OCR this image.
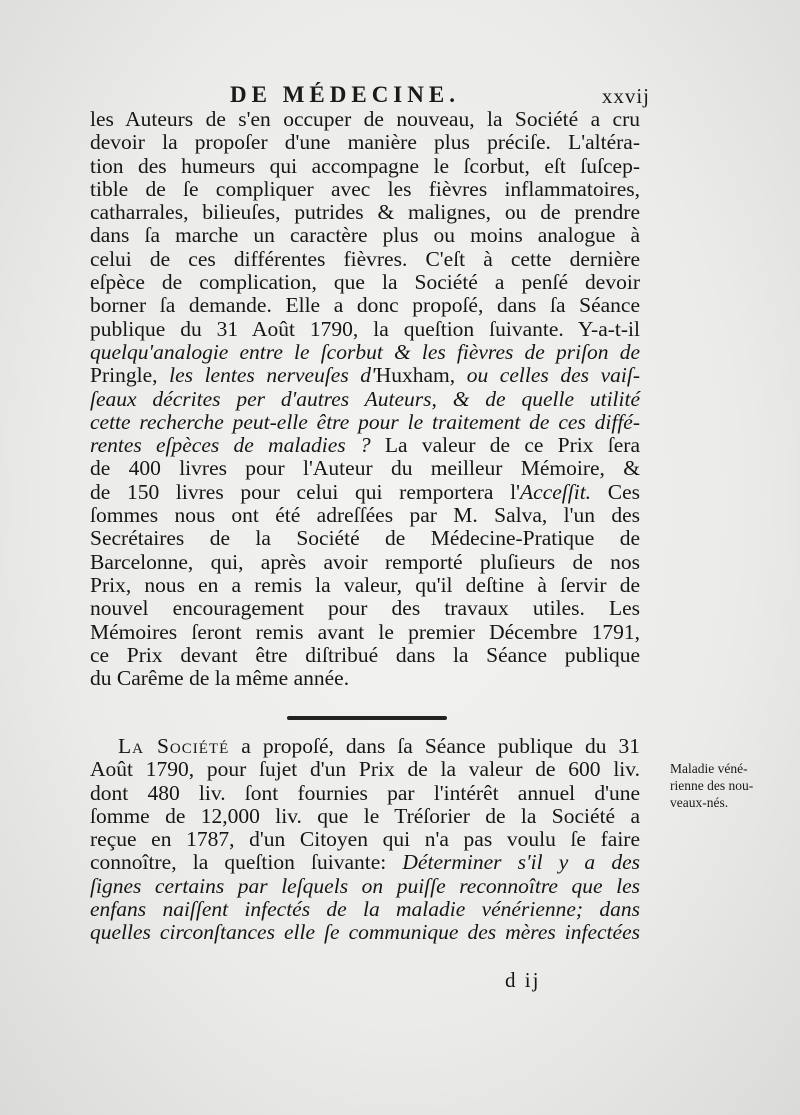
DE MÉDECINE.	xxvij
les Auteurs de s'en occuper de nouveau, la Société a cru
devoir la propoſer d'une manière plus préciſe. L'altéra-
tion des humeurs qui accompagne le ſcorbut, eſt ſuſcep-
tible de ſe compliquer avec les fièvres inflammatoires,
catharrales, bilieuſes, putrides & malignes, ou de prendre
dans ſa marche un caractère plus ou moins analogue à
celui de ces différentes fièvres. C'eſt à cette dernière
eſpèce de complication, que la Société a penſé devoir
borner ſa demande. Elle a donc propoſé, dans ſa Séance
publique du 31 Août 1790, la queſtion ſuivante. Y-a-t-il
quelqu'analogie entre le ſcorbut & les fièvres de priſon de
Pringle, les lentes nerveuſes d'Huxham, ou celles des vaiſ-
ſeaux décrites per d'autres Auteurs, & de quelle utilité
cette recherche peut-elle être pour le traitement de ces diffé-
rentes eſpèces de maladies ? La valeur de ce Prix ſera
de 400 livres pour l'Auteur du meilleur Mémoire, &
de 150 livres pour celui qui remportera l'Acceſſit. Ces
ſommes nous ont été adreſſées par M. Salva, l'un des
Secrétaires de la Société de Médecine-Pratique de
Barcelonne, qui, après avoir remporté pluſieurs de nos
Prix, nous en a remis la valeur, qu'il deſtine à ſervir de
nouvel encouragement pour des travaux utiles. Les
Mémoires ſeront remis avant le premier Décembre 1791,
ce Prix devant être diſtribué dans la Séance publique
du Carême de la même année.
La Société a propoſé, dans ſa Séance publique du 31
Août 1790, pour ſujet d'un Prix de la valeur de 600 liv.
dont 480 liv. ſont fournies par l'intérêt annuel d'une
ſomme de 12,000 liv. que le Tréſorier de la Société a
reçue en 1787, d'un Citoyen qui n'a pas voulu ſe faire
connoître, la queſtion ſuivante: Déterminer s'il y a des
ſignes certains par leſquels on puiſſe reconnoître que les
enfans naiſſent infectés de la maladie vénérienne; dans
quelles circonſtances elle ſe communique des mères infectées
Maladie véné-
rienne des nou-
veaux-nés.
d ij
